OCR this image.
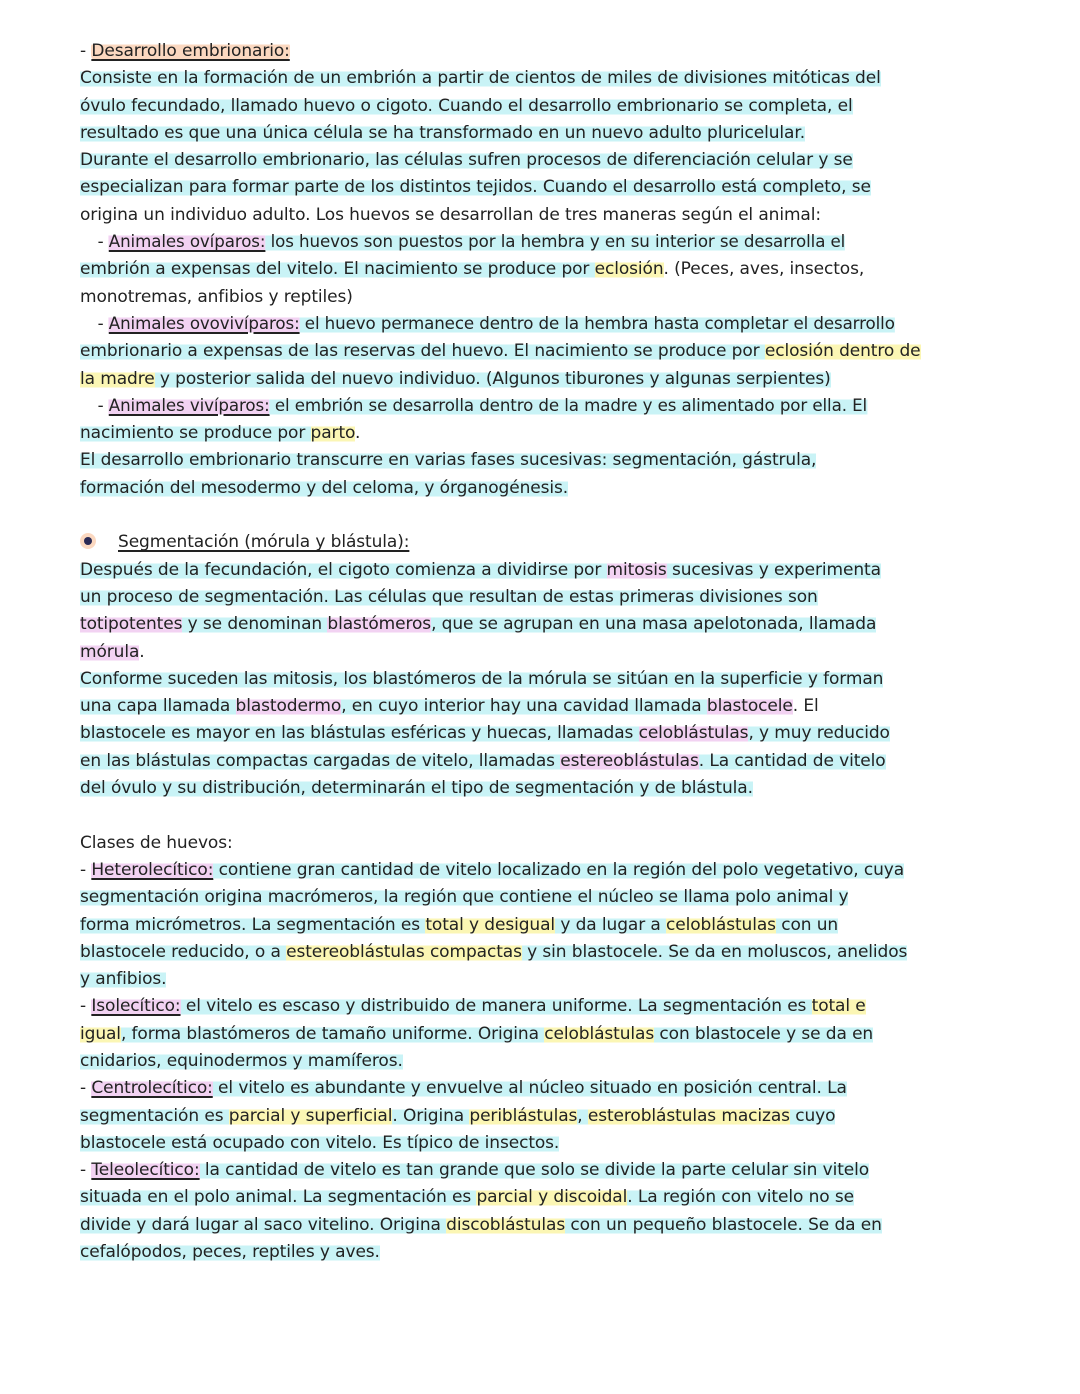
- Desarrollo embrionario:
Consiste en la formación de un embrión a partir de cientos de miles de divisiones mitóticas del
óvulo fecundado, llamado huevo o cigoto. Cuando el desarrollo embrionario se completa, el
resultado es que una única célula se ha transformado en un nuevo adulto pluricelular.
Durante el desarrollo embrionario, las células sufren procesos de diferenciación celular y se
especializan para formar parte de los distintos tejidos. Cuando el desarrollo está completo, se
origina un individuo adulto. Los huevos se desarrollan de tres maneras según el animal:
- Animales ovíparos: los huevos son puestos por la hembra y en su interior se desarrolla el
embrión a expensas del vitelo. El nacimiento se produce por eclosión. (Peces, aves, insectos,
monotremas, anfibios y reptiles)
- Animales ovovivíparos: el huevo permanece dentro de la hembra hasta completar el desarrollo
embrionario a expensas de las reservas del huevo. El nacimiento se produce por eclosión dentro de
la madre y posterior salida del nuevo individuo. (Algunos tiburones y algunas serpientes)
- Animales vivíparos: el embrión se desarrolla dentro de la madre y es alimentado por ella. El
nacimiento se produce por parto.
El desarrollo embrionario transcurre en varias fases sucesivas: segmentación, gástrula,
formación del mesodermo y del celoma, y órganogénesis.
Segmentación (mórula y blástula):
Después de la fecundación, el cigoto comienza a dividirse por mitosis sucesivas y experimenta
un proceso de segmentación. Las células que resultan de estas primeras divisiones son
totipotentes y se denominan blastómeros, que se agrupan en una masa apelotonada, llamada
mórula.
Conforme suceden las mitosis, los blastómeros de la mórula se sitúan en la superficie y forman
una capa llamada blastodermo, en cuyo interior hay una cavidad llamada blastocele. El
blastocele es mayor en las blástulas esféricas y huecas, llamadas celoblástulas, y muy reducido
en las blástulas compactas cargadas de vitelo, llamadas estereoblástulas. La cantidad de vitelo
del óvulo y su distribución, determinarán el tipo de segmentación y de blástula.
Clases de huevos:
- Heterolecítico: contiene gran cantidad de vitelo localizado en la región del polo vegetativo, cuya
segmentación origina macrómeros, la región que contiene el núcleo se llama polo animal y
forma micrómetros. La segmentación es total y desigual y da lugar a celoblástulas con un
blastocele reducido, o a estereoblástulas compactas y sin blastocele. Se da en moluscos, anelidos
y anfibios.
- Isolecítico: el vitelo es escaso y distribuido de manera uniforme. La segmentación es total e
igual, forma blastómeros de tamaño uniforme. Origina celoblástulas con blastocele y se da en
cnidarios, equinodermos y mamíferos.
- Centrolecítico: el vitelo es abundante y envuelve al núcleo situado en posición central. La
segmentación es parcial y superficial. Origina periblástulas, esteroblástulas macizas cuyo
blastocele está ocupado con vitelo. Es típico de insectos.
- Teleolecítico: la cantidad de vitelo es tan grande que solo se divide la parte celular sin vitelo
situada en el polo animal. La segmentación es parcial y discoidal. La región con vitelo no se
divide y dará lugar al saco vitelino. Origina discoblástulas con un pequeño blastocele. Se da en
cefalópodos, peces, reptiles y aves.
